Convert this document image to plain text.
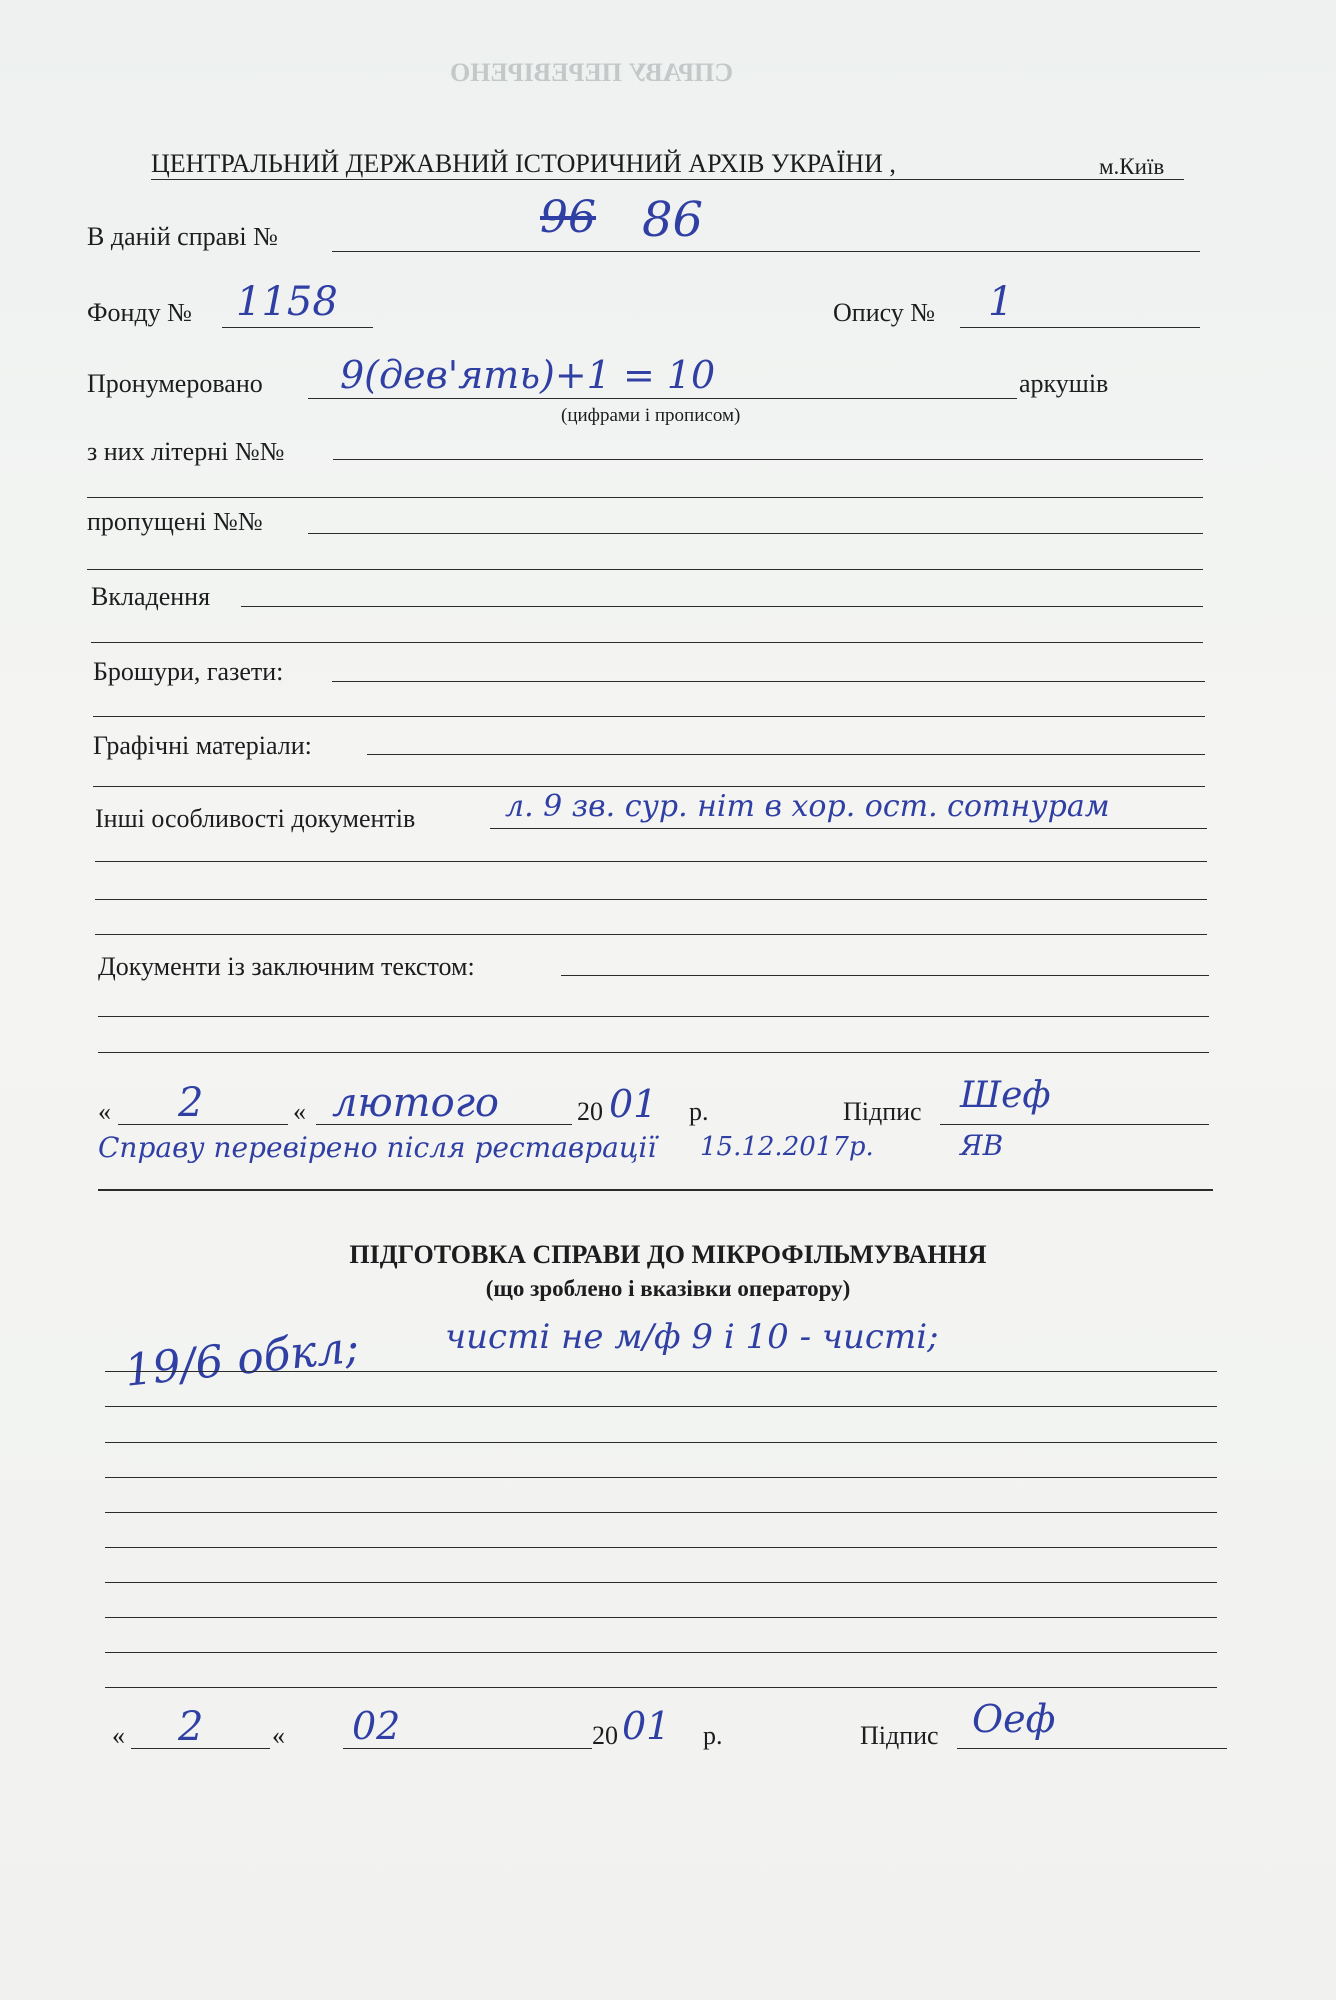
СПРАВУ ПЕРЕВІРЕНО
ЦЕНТРАЛЬНИЙ ДЕРЖАВНИЙ ІСТОРИЧНИЙ АРХІВ УКРАЇНИ ,	м.Київ
В даній справі №	96 86
Фонду № 1158	Опису № 1
Пронумеровано 9(дев'ять)+1 = 10	аркушів
(цифрами і прописом)
з них літерні №№
пропущені №№
Вкладення
Брошури, газети:
Графічні матеріали:
Інші особливості документів	л. 9 зв. сур. ніт в хор. ост. сотнурам
Документи із заключним текстом:
« 2	« лютого	20 01 р.	Підпис Шеф
Справу перевірено після реставрації 15.12.2017р.	ЯВ
ПІДГОТОВКА СПРАВИ ДО МІКРОФІЛЬМУВАННЯ
(що зроблено і вказівки оператору)
19/6 обкл; чисті не м/ф 9 і 10 - чисті;
« 2	« 02	20 01 р.	Підпис Оеф
